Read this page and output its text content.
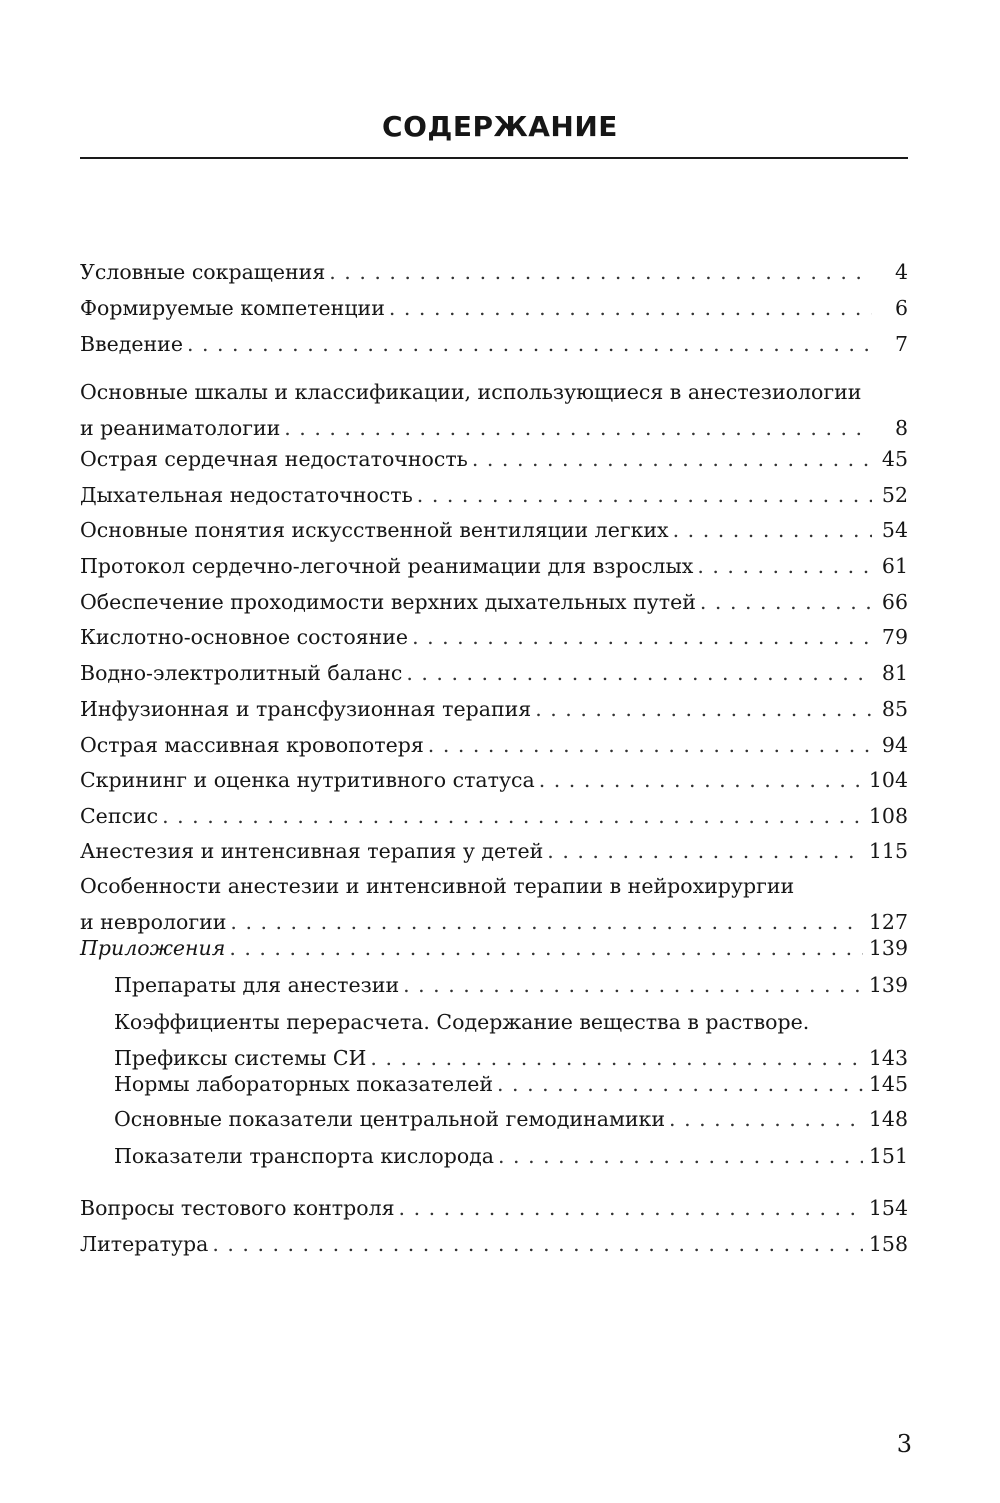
СОДЕРЖАНИЕ
Условные сокращения . . .	4
Формируемые компетенции . . .	6
Введение . . .	7
Основные шкалы и классификации, использующиеся в анестезиологии
и реаниматологии . . .	8
Острая сердечная недостаточность . . .	45
Дыхательная недостаточность . . .	52
Основные понятия искусственной вентиляции легких . . .	54
Протокол сердечно-легочной реанимации для взрослых . . .	61
Обеспечение проходимости верхних дыхательных путей . . .	66
Кислотно-основное состояние . . .	79
Водно-электролитный баланс . . .	81
Инфузионная и трансфузионная терапия . . .	85
Острая массивная кровопотеря . . .	94
Скрининг и оценка нутритивного статуса . . .	104
Сепсис . . .	108
Анестезия и интенсивная терапия у детей . . .	115
Особенности анестезии и интенсивной терапии в нейрохирургии
и неврологии . . .	127
Приложения . . .	139
Препараты для анестезии . . .	139
Коэффициенты перерасчета. Содержание вещества в растворе.
Префиксы системы СИ . . .	143
Нормы лабораторных показателей . . .	145
Основные показатели центральной гемодинамики . . .	148
Показатели транспорта кислорода . . .	151
Вопросы тестового контроля . . .	154
Литература . . .	158
3
